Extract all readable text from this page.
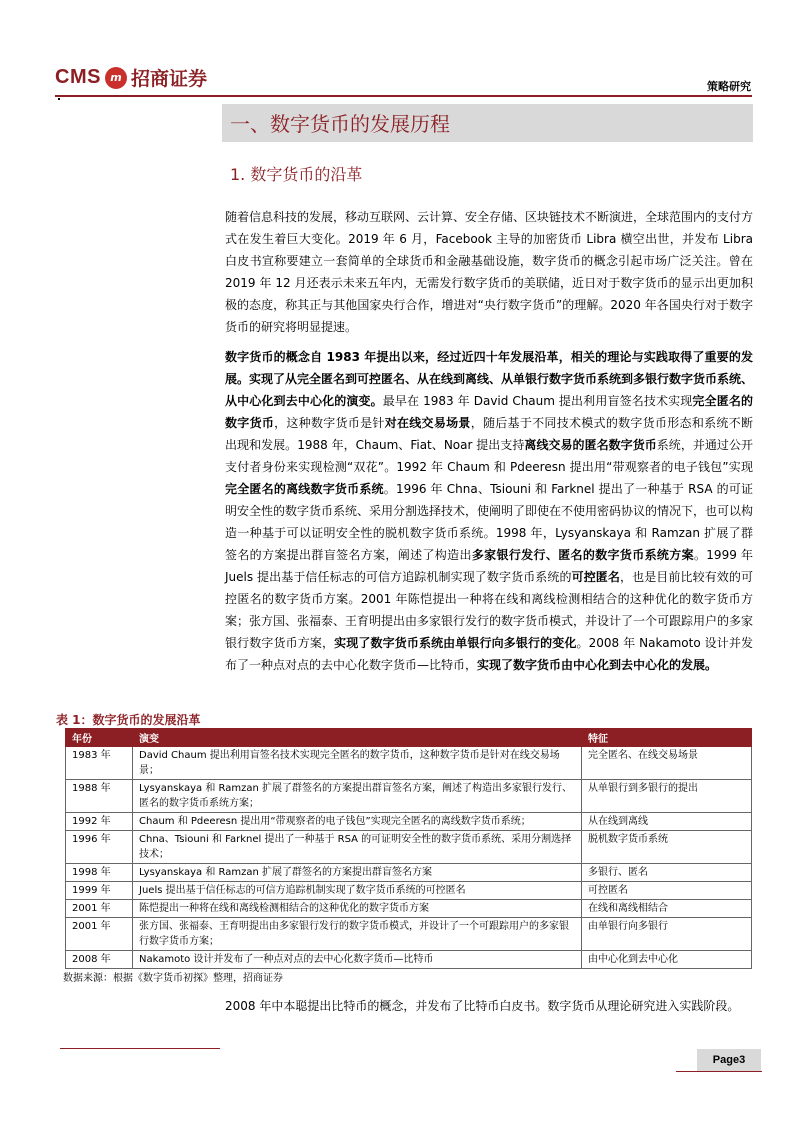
CMS m 招商证券	策略研究
一、数字货币的发展历程
1. 数字货币的沿革
随着信息科技的发展，移动互联网、云计算、安全存储、区块链技术不断演进，全球范围内的支付方式在发生着巨大变化。2019 年 6 月，Facebook 主导的加密货币 Libra 横空出世，并发布 Libra 白皮书宣称要建立一套简单的全球货币和金融基础设施，数字货币的概念引起市场广泛关注。曾在 2019 年 12 月还表示未来五年内，无需发行数字货币的美联储，近日对于数字货币的显示出更加积极的态度，称其正与其他国家央行合作，增进对“央行数字货币”的理解。2020 年各国央行对于数字货币的研究将明显提速。
数字货币的概念自 1983 年提出以来，经过近四十年发展沿革，相关的理论与实践取得了重要的发展。实现了从完全匿名到可控匿名、从在线到离线、从单银行数字货币系统到多银行数字货币系统、从中心化到去中心化的演变。最早在 1983 年 David Chaum 提出利用盲签名技术实现完全匿名的数字货币，这种数字货币是针对在线交易场景，随后基于不同技术模式的数字货币形态和系统不断出现和发展。1988 年，Chaum、Fiat、Noar 提出支持离线交易的匿名数字货币系统，并通过公开支付者身份来实现检测“双花”。1992 年 Chaum 和 Pdeeresn 提出用“带观察者的电子钱包”实现完全匿名的离线数字货币系统。1996 年 Chna、Tsiouni 和 Farknel 提出了一种基于 RSA 的可证明安全性的数字货币系统、采用分割选择技术，使阐明了即使在不使用密码协议的情况下，也可以构造一种基于可以证明安全性的脱机数字货币系统。1998 年，Lysyanskaya 和 Ramzan 扩展了群签名的方案提出群盲签名方案，阐述了构造出多家银行发行、匿名的数字货币系统方案。1999 年 Juels 提出基于信任标志的可信方追踪机制实现了数字货币系统的可控匿名，也是目前比较有效的可控匿名的数字货币方案。2001 年陈恺提出一种将在线和离线检测相结合的这种优化的数字货币方案；张方国、张福泰、王育明提出由多家银行发行的数字货币模式，并设计了一个可跟踪用户的多家银行数字货币方案，实现了数字货币系统由单银行向多银行的变化。2008 年 Nakamoto 设计并发布了一种点对点的去中心化数字货币—比特币，实现了数字货币由中心化到去中心化的发展。
表 1：数字货币的发展沿革
年份	演变	特征
1983 年	David Chaum 提出利用盲签名技术实现完全匿名的数字货币，这种数字货币是针对在线交易场景；	完全匿名、在线交易场景
1988 年	Lysyanskaya 和 Ramzan 扩展了群签名的方案提出群盲签名方案，阐述了构造出多家银行发行、匿名的数字货币系统方案；	从单银行到多银行的提出
1992 年	Chaum 和 Pdeeresn 提出用“带观察者的电子钱包”实现完全匿名的离线数字货币系统；	从在线到离线
1996 年	Chna、Tsiouni 和 Farknel 提出了一种基于 RSA 的可证明安全性的数字货币系统、采用分割选择技术；	脱机数字货币系统
1998 年	Lysyanskaya 和 Ramzan 扩展了群签名的方案提出群盲签名方案	多银行、匿名
1999 年	Juels 提出基于信任标志的可信方追踪机制实现了数字货币系统的可控匿名	可控匿名
2001 年	陈恺提出一种将在线和离线检测相结合的这种优化的数字货币方案	在线和离线相结合
2001 年	张方国、张福泰、王育明提出由多家银行发行的数字货币模式，并设计了一个可跟踪用户的多家银行数字货币方案；	由单银行向多银行
2008 年	Nakamoto 设计并发布了一种点对点的去中心化数字货币—比特币	由中心化到去中心化
数据来源：根据《数字货币初探》整理，招商证券
2008 年中本聪提出比特币的概念，并发布了比特币白皮书。数字货币从理论研究进入实践阶段。
Page3
